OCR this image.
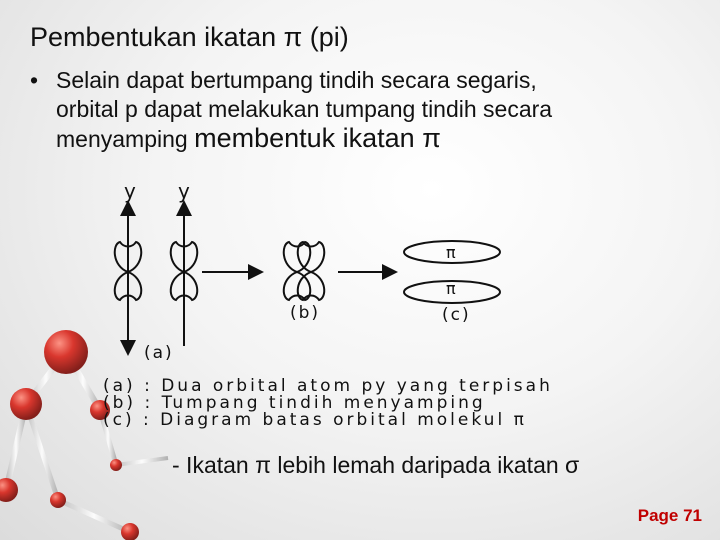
Pembentukan ikatan π (pi)
• Selain dapat bertumpang tindih secara segaris,
orbital p dapat melakukan tumpang tindih secara
menyamping membentuk ikatan π
y y
(b)
π
π
(c)
(a)
(a) : Dua orbital atom py yang terpisah
(b) : Tumpang tindih menyamping
(c) : Diagram batas orbital molekul π
- Ikatan π lebih lemah daripada ikatan σ
Page 71
